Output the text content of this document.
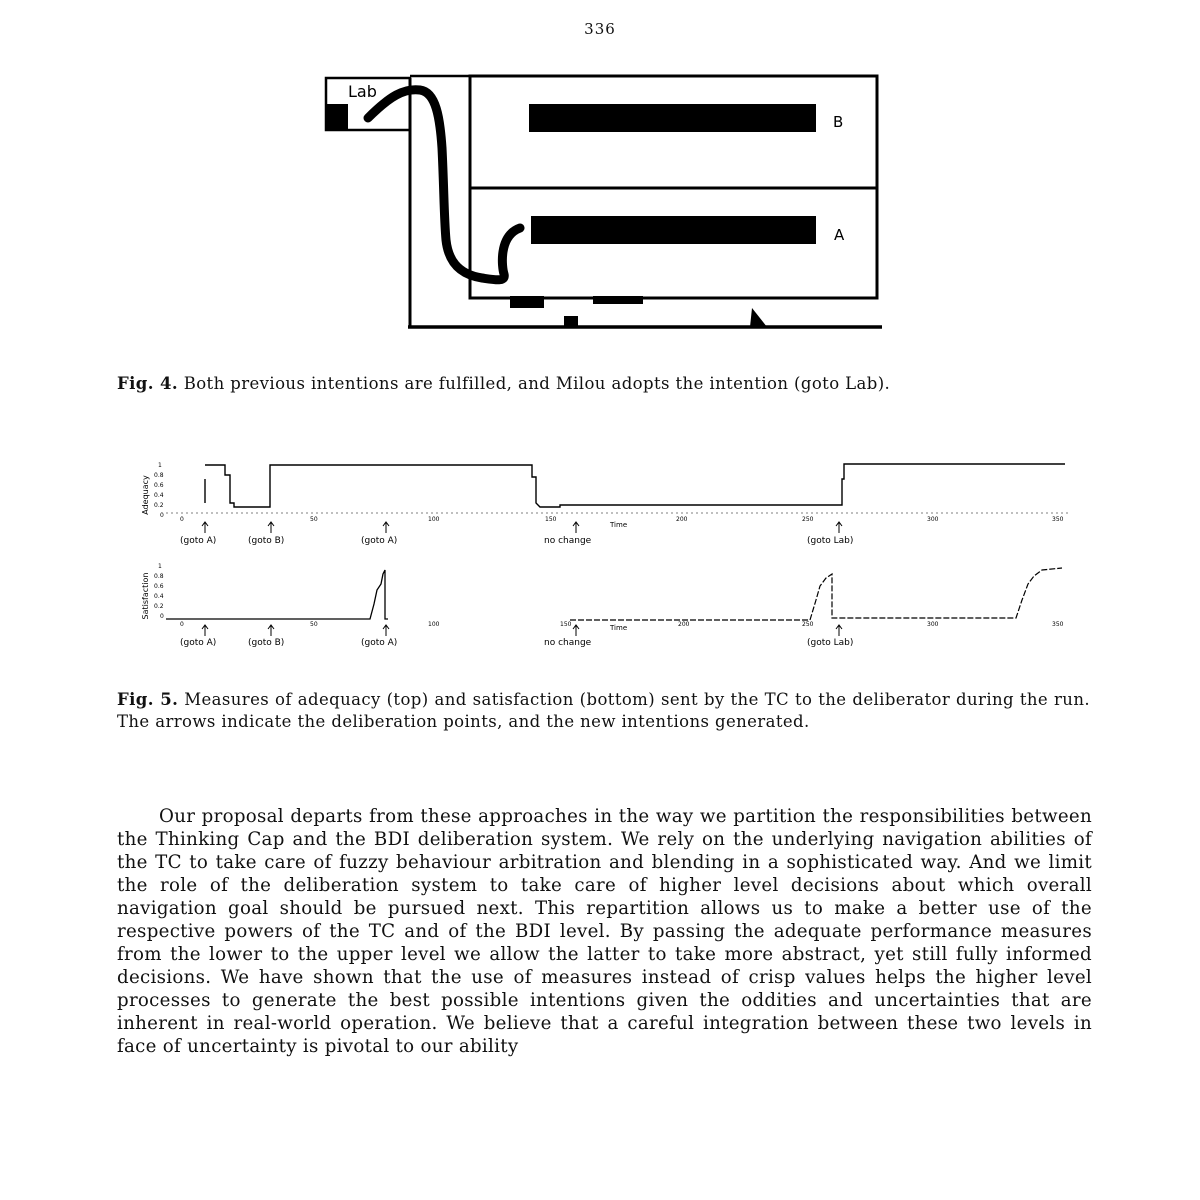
336
Lab
B
A
Fig. 4. Both previous intentions are fulfilled, and Milou adopts the intention (goto Lab).
Adequacy
1
0.8
0.6
0.4
0.2
0
0	50	100	150	200	250	300	350
Time
(goto A)	(goto B)	(goto A)	no change	(goto Lab)
Satisfaction
1
0.8
0.6
0.4
0.2
0
0	50	100	150	200	250	300	350
Time
(goto A)	(goto B)	(goto A)	no change	(goto Lab)
Fig. 5. Measures of adequacy (top) and satisfaction (bottom) sent by the TC to the deliberator during the run. The arrows indicate the deliberation points, and the new intentions generated.

Our proposal departs from these approaches in the way we partition the responsibilities between the Thinking Cap and the BDI deliberation system. We rely on the underlying navigation abilities of the TC to take care of fuzzy behaviour arbitration and blending in a sophisticated way. And we limit the role of the deliberation system to take care of higher level decisions about which overall navigation goal should be pursued next. This repartition allows us to make a better use of the respective powers of the TC and of the BDI level. By passing the adequate performance measures from the lower to the upper level we allow the latter to take more abstract, yet still fully informed decisions. We have shown that the use of measures instead of crisp values helps the higher level processes to generate the best possible intentions given the oddities and uncertainties that are inherent in real-world operation. We believe that a careful integration between these two levels in face of uncertainty is pivotal to our ability
